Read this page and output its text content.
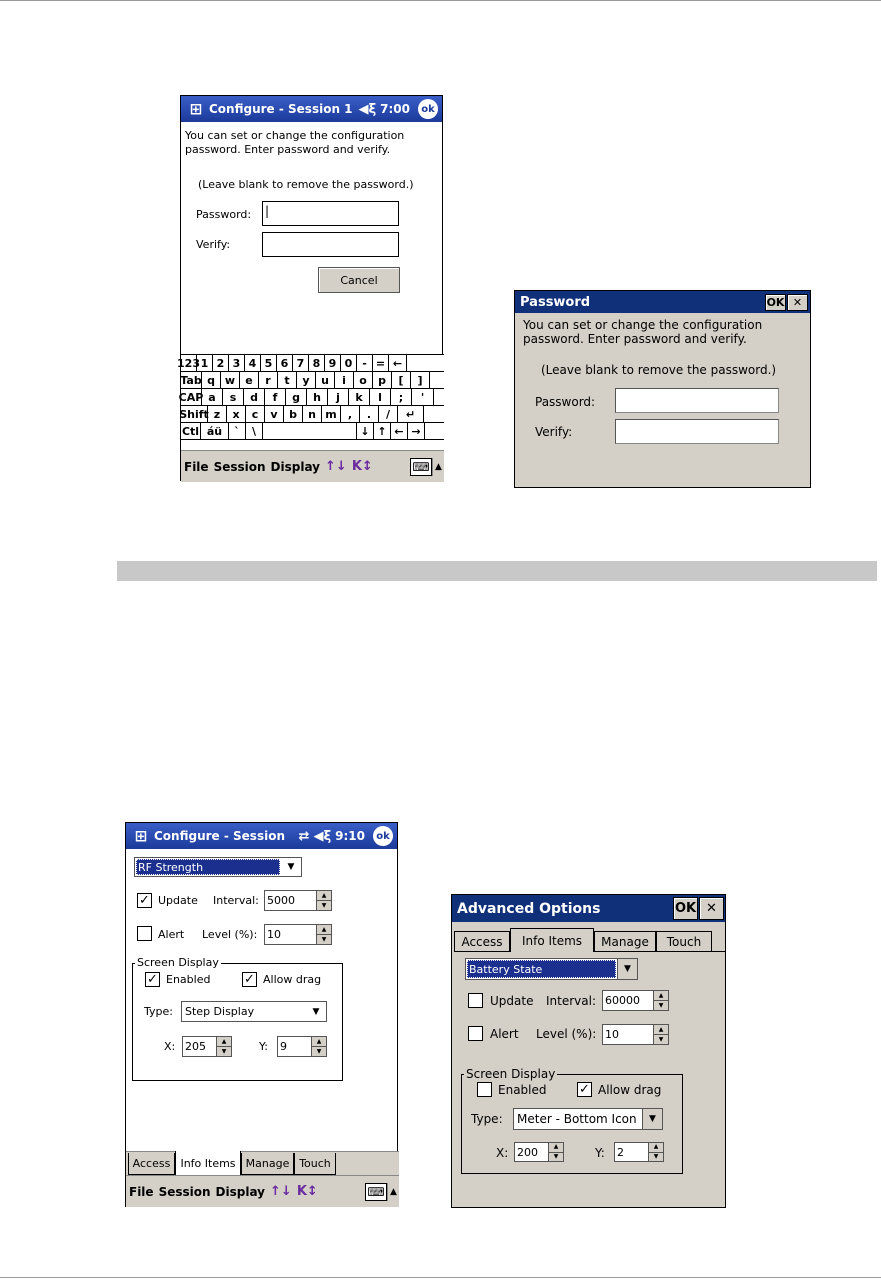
⊞ Configure - Session 1 ◀ξ 7:00	ok
You can set or change the configuration
password. Enter password and verify.
(Leave blank to remove the password.)
Password: |
Verify:
Cancel
123 1 2 3 4 5 6 7 8 9 0 - = ←
Tab q w e	r	t	y	u	i	o	p	[	]
CAP a	s	d	f	g	h	j	k	l	;	'
Shift z	x	c	v	b	n m	,	.	/	↵
Ctl áü	`	\	↓ ↑ ← →
File Session Display ↑↓ K↕	⌨ ▲
Password	OK ✕
You can set or change the configuration
password. Enter password and verify.
(Leave blank to remove the password.)
Password:
Verify:
⊞ Configure - Session	⇄ ◀ξ 9:10	ok
RF Strength	▼
✓ Update Interval: 5000	▲
▼
Alert Level (%): 10	▲
▼
Screen Display
✓ Enabled	✓ Allow drag
Type: Step Display	▼
X: 205	▲
▼	Y: 9	▲
▼
Access Info Items Manage Touch
File Session Display ↑↓ K↕	⌨ ▲
Advanced Options	OK ✕
Access	Info Items	Manage	Touch
Battery State	▼
Update Interval: 60000	▲
▼
Alert Level (%): 10	▲
▼
Screen Display
Enabled	✓ Allow drag
Type: Meter - Bottom Icon	▼
X: 200	▲
▼	Y: 2	▲
▼
